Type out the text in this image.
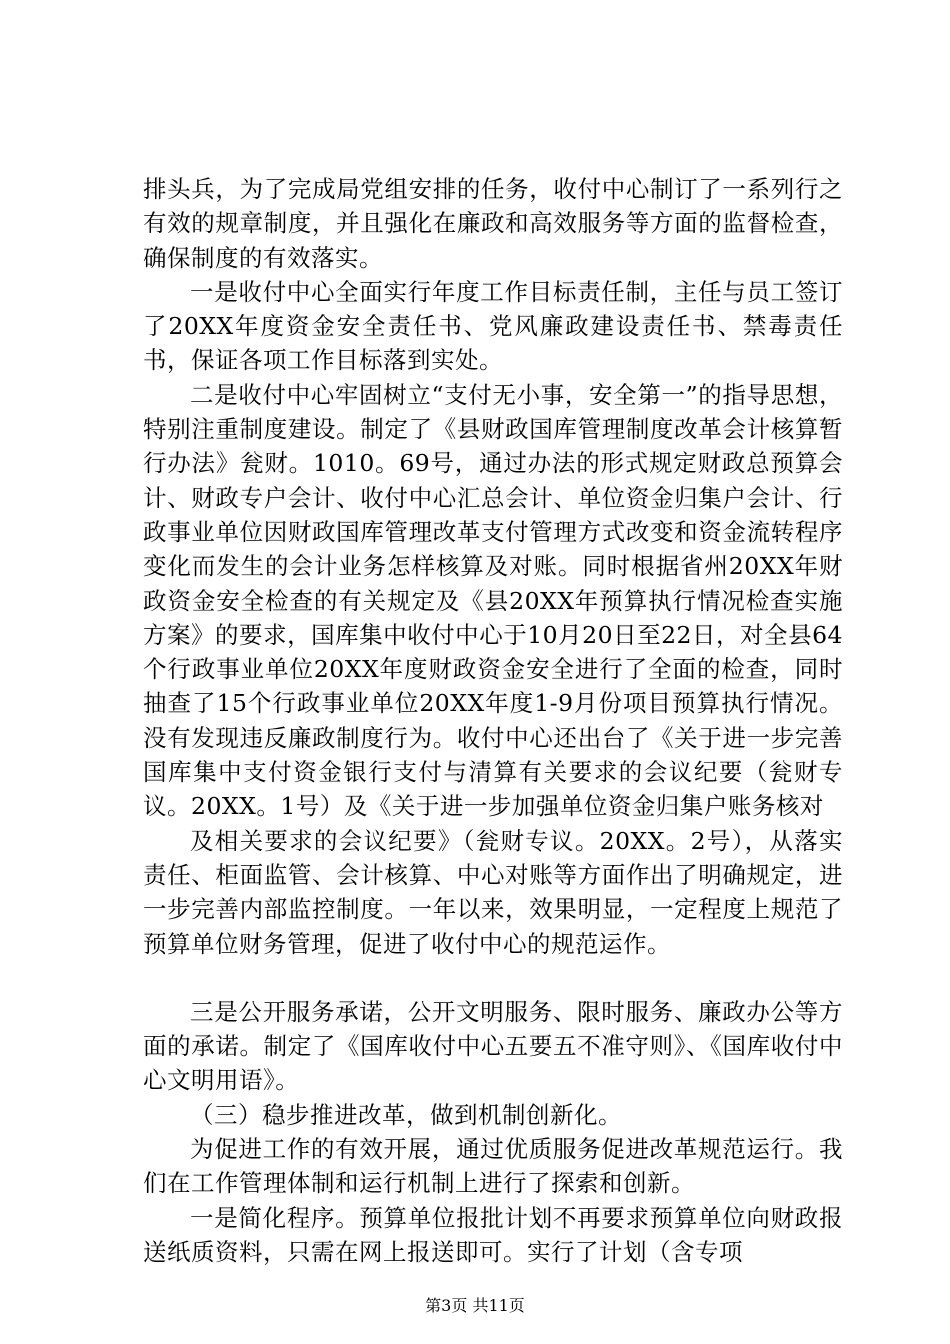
排头兵，为了完成局党组安排的任务，收付中心制订了一系列行之有效的规章制度，并且强化在廉政和高效服务等方面的监督检查，确保制度的有效落实。

一是收付中心全面实行年度工作目标责任制，主任与员工签订了20XX年度资金安全责任书、党风廉政建设责任书、禁毒责任书，保证各项工作目标落到实处。

二是收付中心牢固树立“支付无小事，安全第一”的指导思想，特别注重制度建设。制定了《县财政国库管理制度改革会计核算暂行办法》瓮财。1010。69号，通过办法的形式规定财政总预算会计、财政专户会计、收付中心汇总会计、单位资金归集户会计、行政事业单位因财政国库管理改革支付管理方式改变和资金流转程序变化而发生的会计业务怎样核算及对账。同时根据省州20XX年财政资金安全检查的有关规定及《县20XX年预算执行情况检查实施方案》的要求，国库集中收付中心于10月20日至22日，对全县64个行政事业单位20XX年度财政资金安全进行了全面的检查，同时抽查了15个行政事业单位20XX年度1-9月份项目预算执行情况。没有发现违反廉政制度行为。收付中心还出台了《关于进一步完善国库集中支付资金银行支付与清算有关要求的会议纪要（瓮财专议。20XX。1号）及《关于进一步加强单位资金归集户账务核对

及相关要求的会议纪要》（瓮财专议。20XX。2号），从落实责任、柜面监管、会计核算、中心对账等方面作出了明确规定，进一步完善内部监控制度。一年以来，效果明显，一定程度上规范了预算单位财务管理，促进了收付中心的规范运作。

三是公开服务承诺，公开文明服务、限时服务、廉政办公等方面的承诺。制定了《国库收付中心五要五不准守则》、《国库收付中心文明用语》。

（三）稳步推进改革，做到机制创新化。

为促进工作的有效开展，通过优质服务促进改革规范运行。我们在工作管理体制和运行机制上进行了探索和创新。

一是简化程序。预算单位报批计划不再要求预算单位向财政报送纸质资料，只需在网上报送即可。实行了计划（含专项

第3页 共11页
